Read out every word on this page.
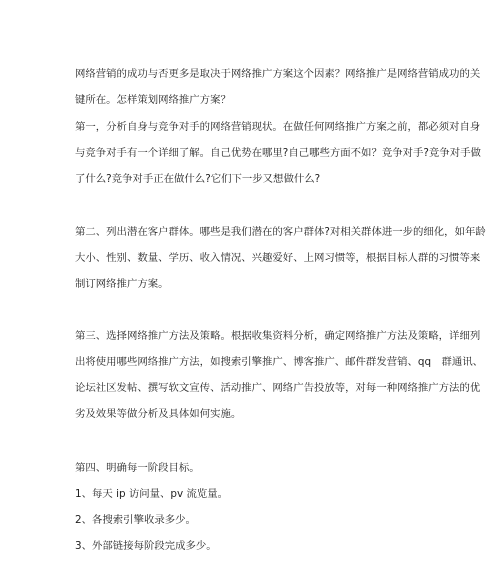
网络营销的成功与否更多是取决于网络推广方案这个因素？网络推广是网络营销成功的关
键所在。怎样策划网络推广方案？
第一，分析自身与竞争对手的网络营销现状。在做任何网络推广方案之前，都必须对自身
与竞争对手有一个详细了解。自己优势在哪里?自己哪些方面不如？竞争对手?竞争对手做
了什么?竞争对手正在做什么?它们下一步又想做什么?
第二、列出潜在客户群体。哪些是我们潜在的客户群体?对相关群体进一步的细化，如年龄
大小、性别、数量、学历、收入情况、兴趣爱好、上网习惯等，根据目标人群的习惯等来
制订网络推广方案。
第三、选择网络推广方法及策略。根据收集资料分析，确定网络推广方法及策略，详细列
出将使用哪些网络推广方法，如搜索引擎推广、博客推广、邮件群发营销、qq　群通讯、
论坛社区发帖、撰写软文宣传、活动推广、网络广告投放等，对每一种网络推广方法的优
劣及效果等做分析及具体如何实施。
第四、明确每一阶段目标。
1、每天 ip 访问量、pv 流览量。
2、各搜索引擎收录多少。
3、外部链接每阶段完成多少。
